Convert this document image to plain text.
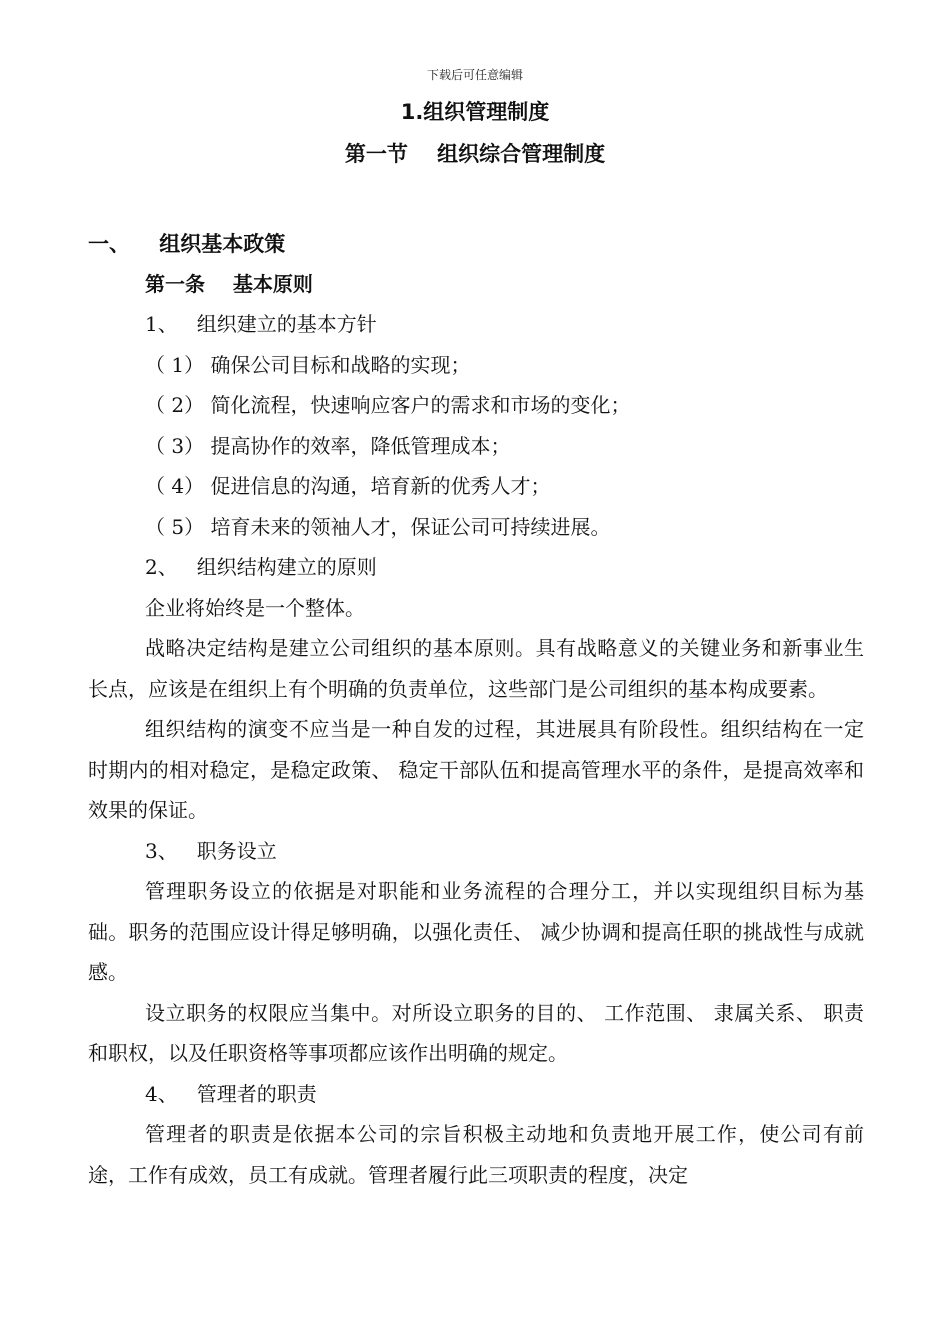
下载后可任意编辑
1.组织管理制度
第一节    组织综合管理制度
一、    组织基本政策
第一条    基本原则

1、   组织建立的基本方针

（ 1） 确保公司目标和战略的实现；

（ 2） 简化流程，快速响应客户的需求和市场的变化；

（ 3） 提高协作的效率，降低管理成本；

（ 4） 促进信息的沟通，培育新的优秀人才；

（ 5） 培育未来的领袖人才，保证公司可持续进展。

2、   组织结构建立的原则

企业将始终是一个整体。

战略决定结构是建立公司组织的基本原则。具有战略意义的关键业务和新事业生长点，应该是在组织上有个明确的负责单位，这些部门是公司组织的基本构成要素。

组织结构的演变不应当是一种自发的过程，其进展具有阶段性。组织结构在一定时期内的相对稳定，是稳定政策、 稳定干部队伍和提高管理水平的条件，是提高效率和效果的保证。

3、   职务设立

管理职务设立的依据是对职能和业务流程的合理分工，并以实现组织目标为基础。职务的范围应设计得足够明确，以强化责任、 减少协调和提高任职的挑战性与成就感。

设立职务的权限应当集中。对所设立职务的目的、 工作范围、 隶属关系、 职责和职权，以及任职资格等事项都应该作出明确的规定。

4、   管理者的职责

管理者的职责是依据本公司的宗旨积极主动地和负责地开展工作，使公司有前途，工作有成效，员工有成就。管理者履行此三项职责的程度，决定
